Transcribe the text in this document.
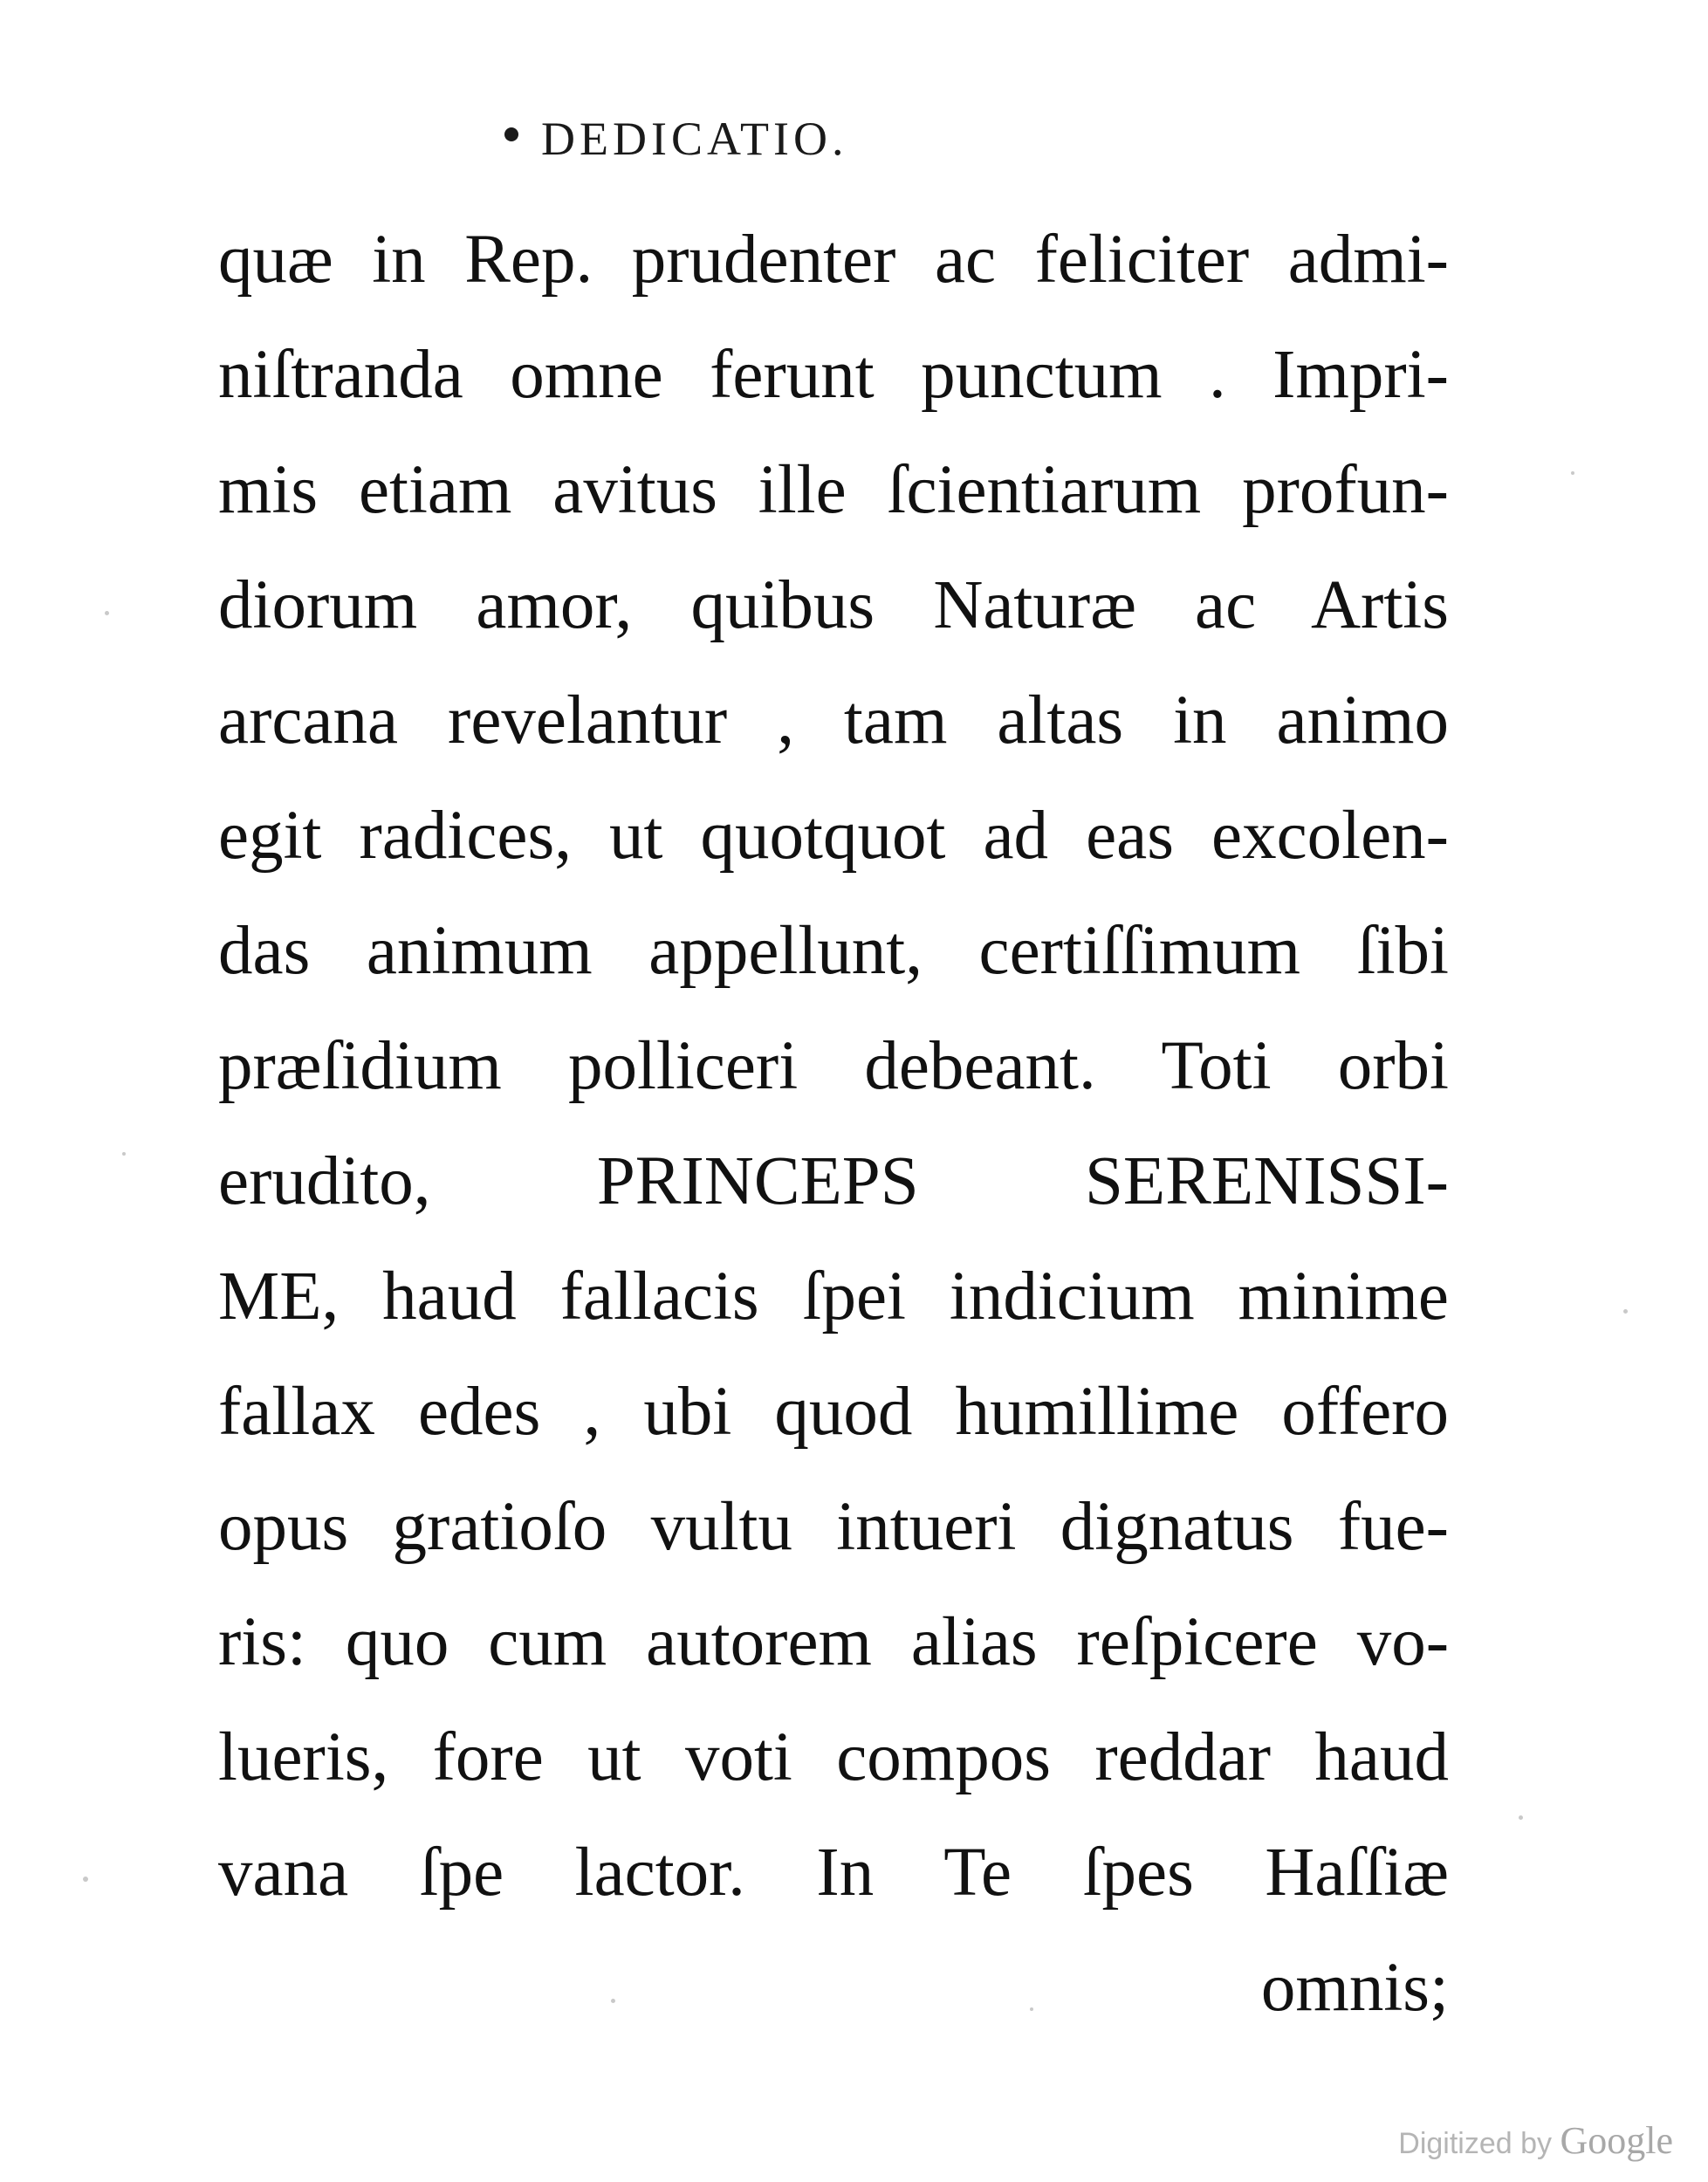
DEDICATIO.
quæ in Rep. prudenter ac feliciter admi-
niſtranda omne ferunt punctum . Impri-
mis etiam avitus ille ſcientiarum profun-
diorum amor, quibus Naturæ ac Artis
arcana revelantur , tam altas in animo
egit radices, ut quotquot ad eas excolen-
das animum appellunt, certiſſimum ſibi
præſidium polliceri debeant. Toti orbi
erudito, PRINCEPS SERENISSI-
ME, haud fallacis ſpei indicium minime
fallax edes , ubi quod humillime offero
opus gratioſo vultu intueri dignatus fue-
ris: quo cum autorem alias reſpicere vo-
lueris, fore ut voti compos reddar haud
vana ſpe lactor. In Te ſpes Haſſiæ
omnis;
Digitized by Google
